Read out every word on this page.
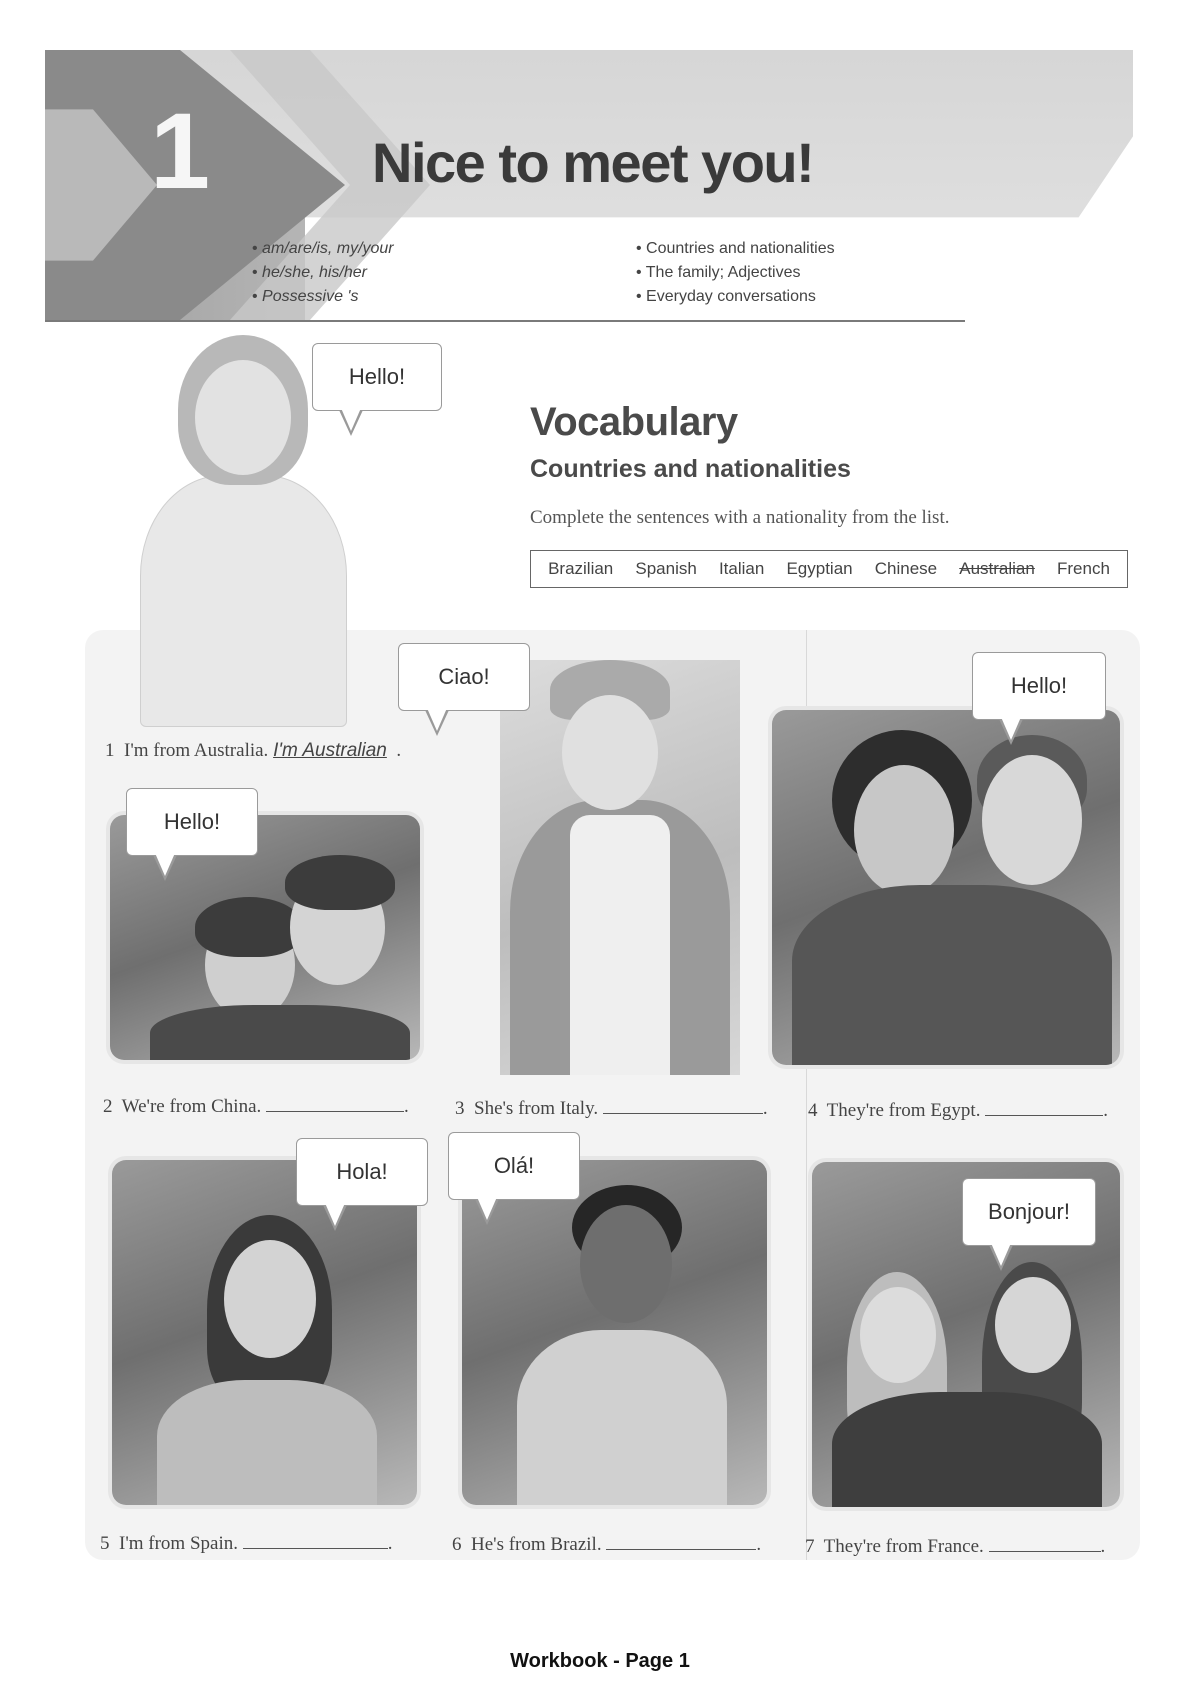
1	Nice to meet you!
• am/are/is, my/your
• he/she, his/her
• Possessive 's
• Countries and nationalities
• The family; Adjectives
• Everyday conversations
Hello!
Vocabulary
Countries and nationalities
Complete the sentences with a nationality from the list.
Brazilian Spanish Italian Egyptian Chinese Australian French
1 I'm from Australia. I'm Australian  .
Hello!
Ciao!	Hello!
2 We're from China.	. 3 She's from Italy.	. 4 They're from Egypt.	.
Hola!	Olá!
Bonjour!
5 I'm from Spain.	.	6 He's from Brazil.	. 7 They're from France.	.
Workbook - Page 1
